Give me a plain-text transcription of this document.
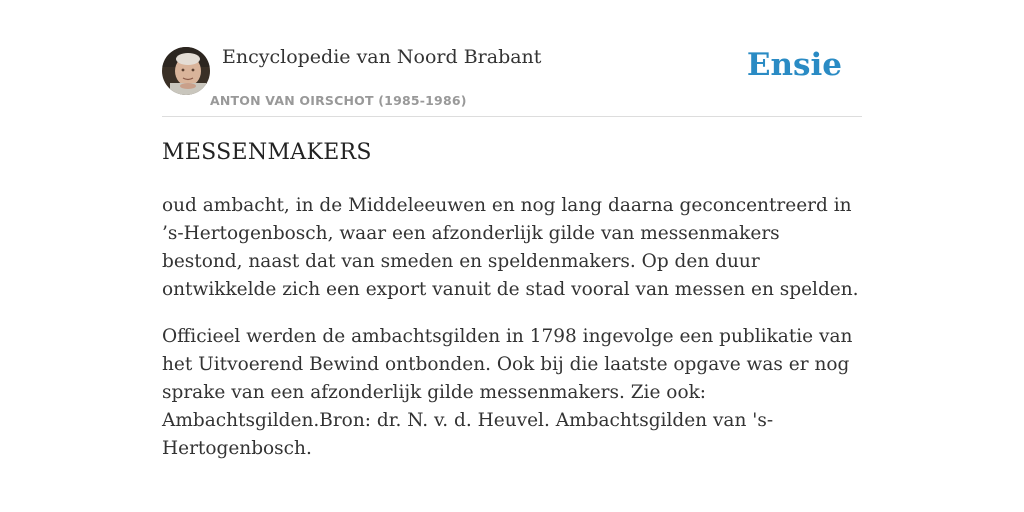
Encyclopedie van Noord Brabant
ANTON VAN OIRSCHOT (1985-1986)
Ensie
MESSENMAKERS

oud ambacht, in de Middeleeuwen en nog lang daarna geconcentreerd in ’s-Hertogenbosch, waar een afzonderlijk gilde van messenmakers bestond, naast dat van smeden en speldenmakers. Op den duur ontwikkelde zich een export vanuit de stad vooral van messen en spelden.

Officieel werden de ambachtsgilden in 1798 ingevolge een publikatie van het Uitvoerend Bewind ontbonden. Ook bij die laatste opgave was er nog sprake van een afzonderlijk gilde messenmakers. Zie ook: Ambachtsgilden.Bron: dr. N. v. d. Heuvel. Ambachtsgilden van 's-Hertogenbosch.
